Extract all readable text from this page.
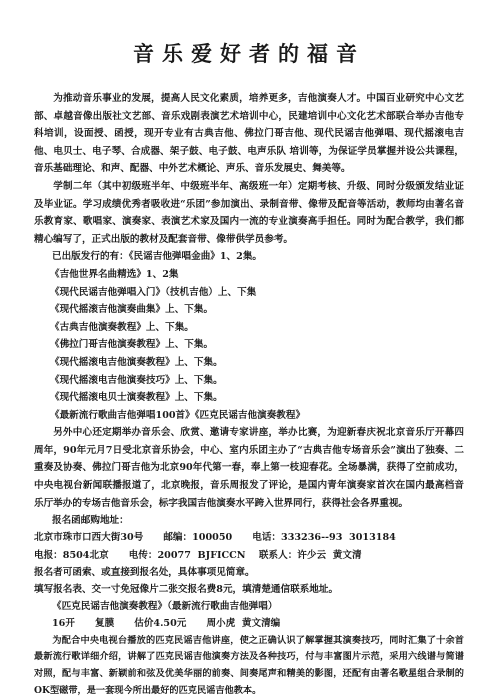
音乐爱好者的福音

为推动音乐事业的发展，提高人民文化素质，培养更多，吉他演奏人才。中国百业研究中心文艺部、卓越音像出版社文艺部、音乐戏剧表演艺术培训中心，民建培训中心文化艺术部联合举办吉他专科培训，设面授、函授，现开专业有古典吉他、佛拉门哥吉他、现代民谣吉他弹唱、现代摇滚电吉他、电贝士、电子琴、合成器、架子鼓、电子鼓、电声乐队 培训等，为保证学员掌握并设公共课程，音乐基础理论、和声、配器、中外艺术概论、声乐、音乐发展史、舞美等。

学制二年（其中初级班半年、中级班半年、高级班一年）定期考核、升级、同时分级颁发结业证及毕业证。学习成绩优秀者吸收进“乐团”参加演出、录制音带、像带及配音等活动，教师均由著名音乐教育家、歌唱家、演奏家、表演艺术家及国内一流的专业演奏高手担任。同时为配合教学，我们都精心编写了，正式出版的教材及配套音带、像带供学员参考。

已出版发行的有：《民谣吉他弹唱金曲》1、2集。
《吉他世界名曲精选》1、2集
《现代民谣吉他弹唱入门》（技机吉他）上、下集
《现代摇滚吉他演奏曲集》上、下集。
《古典吉他演奏教程》上、下集。
《佛拉门哥吉他演奏教程》上、下集。
《现代摇滚电吉他演奏教程》上、下集。
《现代摇滚电吉他演奏技巧》上、下集。
《现代摇滚电贝士演奏教程》上、下集。
《最新流行歌曲吉他弹唱100首》《匹克民谣吉他演奏教程》

另外中心还定期举办音乐会、欣赏、邀请专家讲座，举办比赛，为迎新春庆祝北京音乐厅开幕四周年，90年元月7日受北京音乐协会，中心、室内乐团主办了“古典吉他专场音乐会”演出了独奏、二重奏及协奏、佛拉门哥吉他为北京90年代第一春，奉上第一枝迎春花。全场暴满，获得了空前成功，中央电视台新闻联播报道了，北京晚报，音乐周报发了评论，是国内青年演奏家首次在国内最高档音乐厅举办的专场吉他音乐会，标字我国吉他演奏水平跨入世界同行，获得社会各界重视。

报名函邮购地址：
北京市珠市口西大街30号 邮编：100050 电话：333236--93  3013184
电报：8504北京 电传：20077  BJFICCN 联系人：许少云  黄文清
报名者可函索、或直接到报名处，具体事项见简章。
填写报名表、交一寸免冠像片二张交报名费8元，填清楚通信联系地址。
《匹克民谣吉他演奏教程》（最新流行歌曲吉他弹唱）
16开 复膜 估价4.50元 周小虎  黄文清编

为配合中央电视台播放的匹克民谣吉他讲座，使之正确认识了解掌握其演奏技巧，同时汇集了十余首最新流行歌详细介绍，讲解了匹克民谣吉他演奏方法及各种技巧，付与丰富图片示范，采用六线谱与简谱对照，配与丰富、新颖前和弦及优美华丽的前奏、间奏尾声和精美的影图，还配有由著名歌星组合录制的OK型磁带，是一套现今所出最好的匹克民谣吉他教本。
